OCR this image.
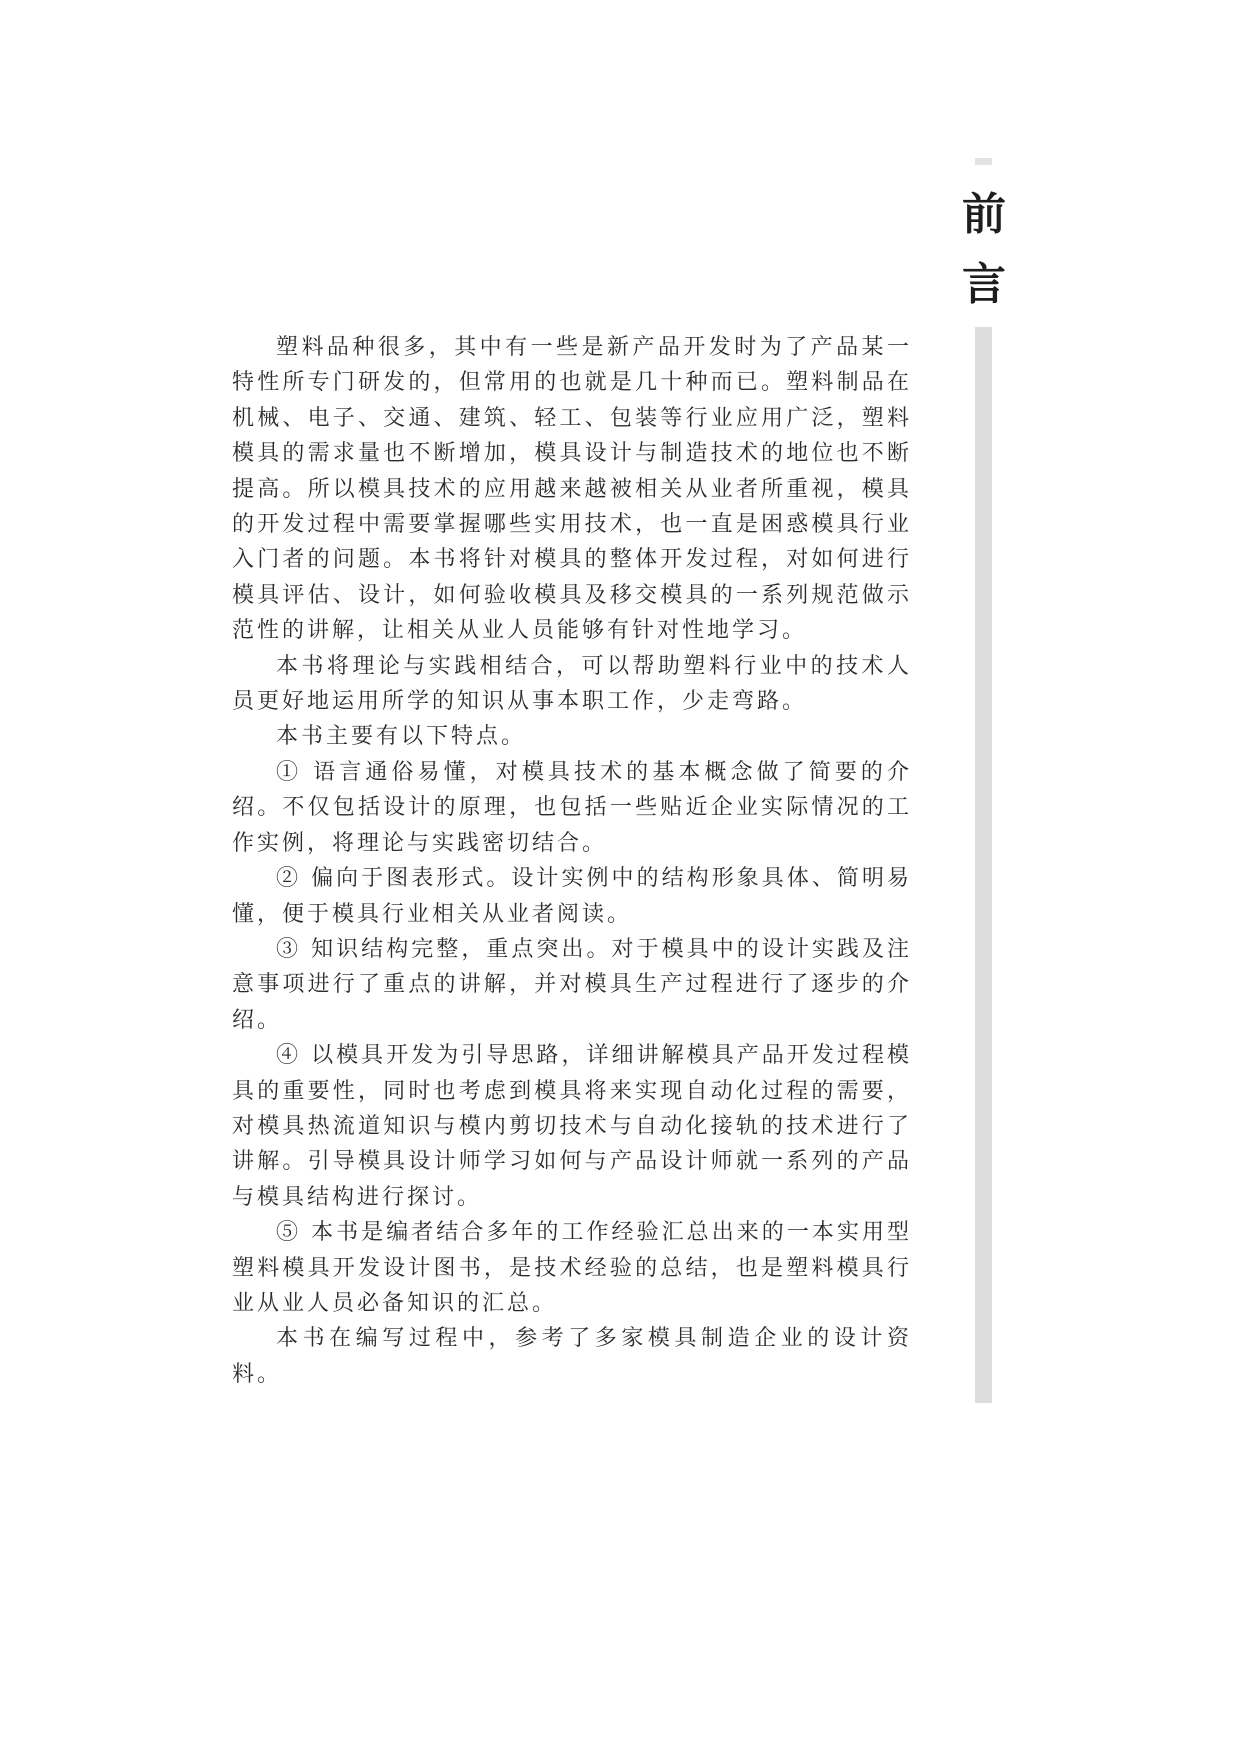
前
言

塑料品种很多，其中有一些是新产品开发时为了产品某一特性所专门研发的，但常用的也就是几十种而已。塑料制品在机械、电子、交通、建筑、轻工、包装等行业应用广泛，塑料模具的需求量也不断增加，模具设计与制造技术的地位也不断提高。所以模具技术的应用越来越被相关从业者所重视，模具的开发过程中需要掌握哪些实用技术，也一直是困惑模具行业入门者的问题。本书将针对模具的整体开发过程，对如何进行模具评估、设计，如何验收模具及移交模具的一系列规范做示范性的讲解，让相关从业人员能够有针对性地学习。

本书将理论与实践相结合，可以帮助塑料行业中的技术人员更好地运用所学的知识从事本职工作，少走弯路。

本书主要有以下特点。

① 语言通俗易懂，对模具技术的基本概念做了简要的介绍。不仅包括设计的原理，也包括一些贴近企业实际情况的工作实例，将理论与实践密切结合。

② 偏向于图表形式。设计实例中的结构形象具体、简明易懂，便于模具行业相关从业者阅读。

③ 知识结构完整，重点突出。对于模具中的设计实践及注意事项进行了重点的讲解，并对模具生产过程进行了逐步的介绍。

④ 以模具开发为引导思路，详细讲解模具产品开发过程模具的重要性，同时也考虑到模具将来实现自动化过程的需要，对模具热流道知识与模内剪切技术与自动化接轨的技术进行了讲解。引导模具设计师学习如何与产品设计师就一系列的产品与模具结构进行探讨。

⑤ 本书是编者结合多年的工作经验汇总出来的一本实用型塑料模具开发设计图书，是技术经验的总结，也是塑料模具行业从业人员必备知识的汇总。

本书在编写过程中，参考了多家模具制造企业的设计资料。
